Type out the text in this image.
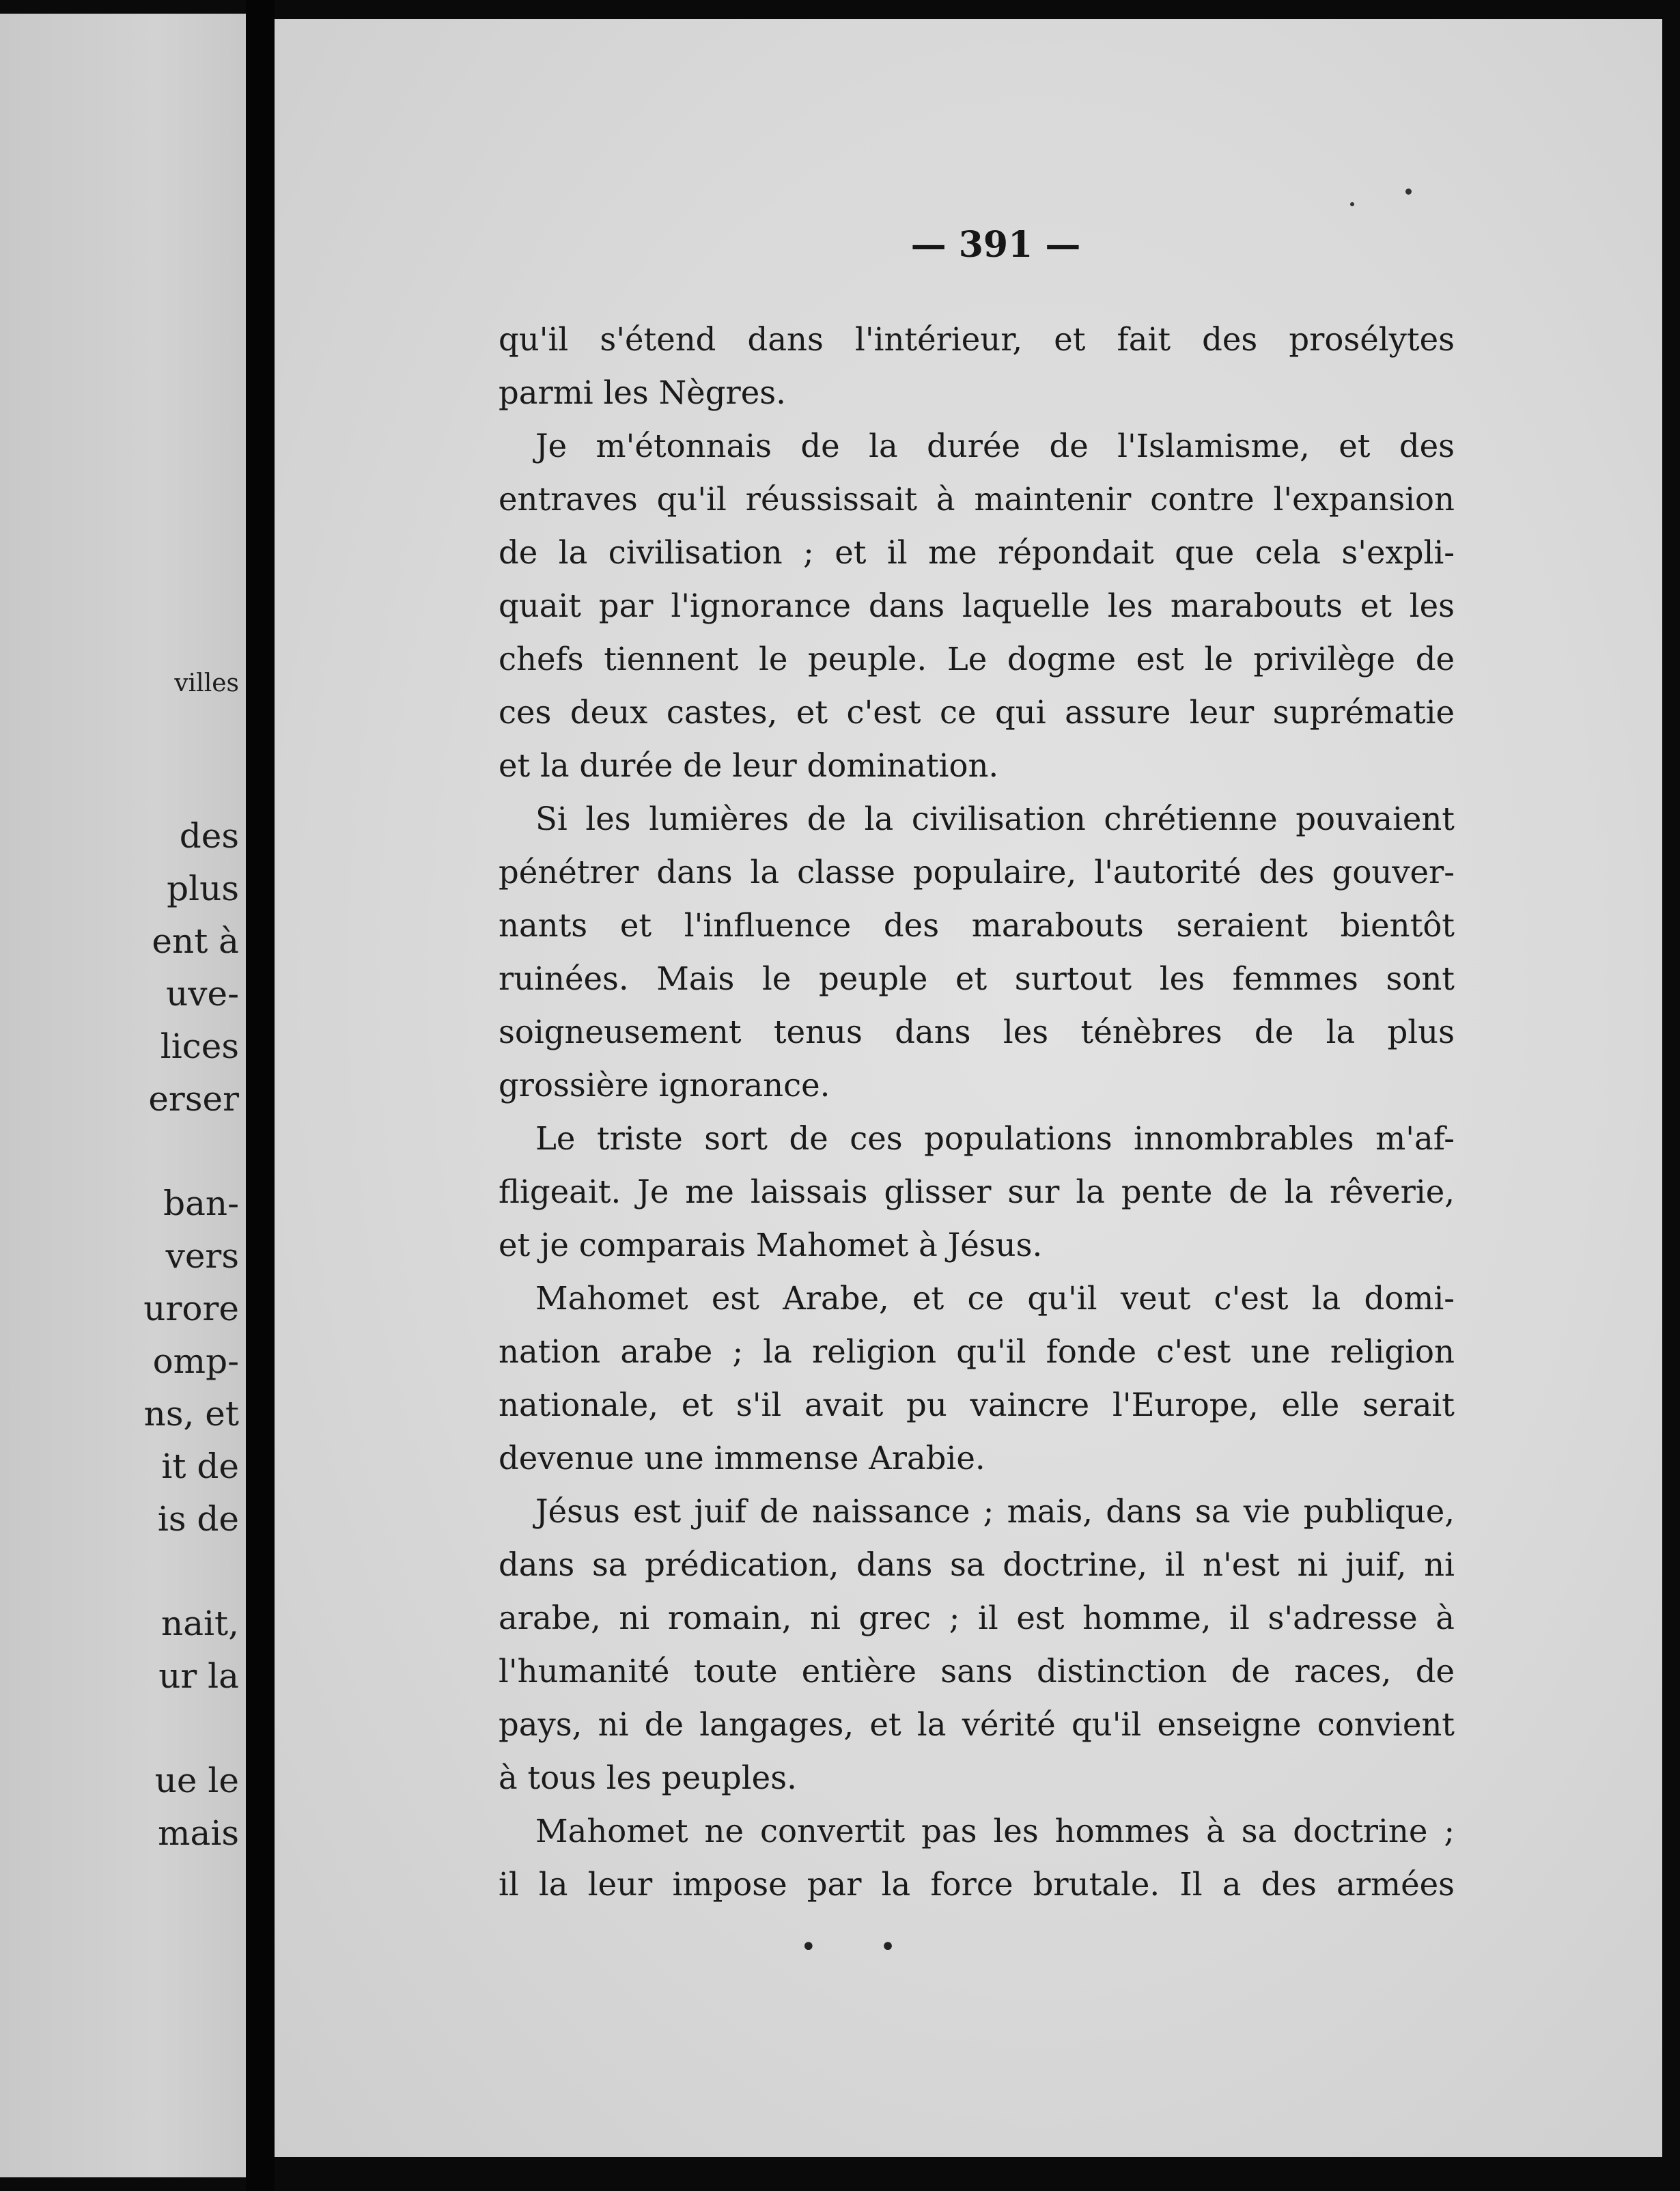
villes
des
plus
ent à
uve-
lices
erser
ban-
vers
urore
omp-
ns, et
it de
is de
nait,
ur la
ue le
mais
— 391 —
qu'il s'étend dans l'intérieur, et fait des prosélytes
parmi les Nègres.
Je m'étonnais de la durée de l'Islamisme, et des
entraves qu'il réussissait à maintenir contre l'expansion
de la civilisation ; et il me répondait que cela s'expli-
quait par l'ignorance dans laquelle les marabouts et les
chefs tiennent le peuple. Le dogme est le privilège de
ces deux castes, et c'est ce qui assure leur suprématie
et la durée de leur domination.
Si les lumières de la civilisation chrétienne pouvaient
pénétrer dans la classe populaire, l'autorité des gouver-
nants et l'influence des marabouts seraient bientôt
ruinées. Mais le peuple et surtout les femmes sont
soigneusement tenus dans les ténèbres de la plus
grossière ignorance.
Le triste sort de ces populations innombrables m'af-
fligeait. Je me laissais glisser sur la pente de la rêverie,
et je comparais Mahomet à Jésus.
Mahomet est Arabe, et ce qu'il veut c'est la domi-
nation arabe ; la religion qu'il fonde c'est une religion
nationale, et s'il avait pu vaincre l'Europe, elle serait
devenue une immense Arabie.
Jésus est juif de naissance ; mais, dans sa vie publique,
dans sa prédication, dans sa doctrine, il n'est ni juif, ni
arabe, ni romain, ni grec ; il est homme, il s'adresse à
l'humanité toute entière sans distinction de races, de
pays, ni de langages, et la vérité qu'il enseigne convient
à tous les peuples.
Mahomet ne convertit pas les hommes à sa doctrine ;
il la leur impose par la force brutale. Il a des armées
• •
